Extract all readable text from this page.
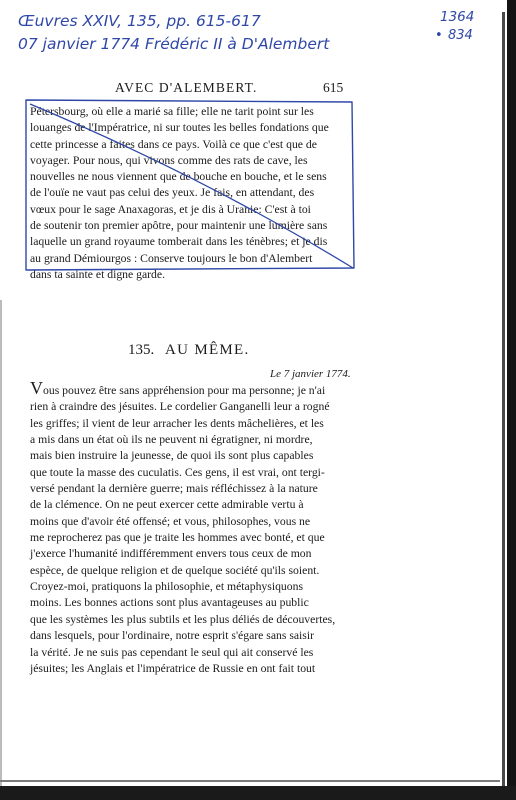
Œuvres XXIV, 135, pp. 615-617
07 janvier 1774 Frédéric II à D'Alembert
1364
• 834
AVEC D'ALEMBERT.	615

Pétersbourg, où elle a marié sa fille; elle ne tarit point sur les
louanges de l'Impératrice, ni sur toutes les belles fondations que
cette princesse a faites dans ce pays. Voilà ce que c'est que de
voyager. Pour nous, qui vivons comme des rats de cave, les
nouvelles ne nous viennent que de bouche en bouche, et le sens
de l'ouïe ne vaut pas celui des yeux. Je fais, en attendant, des
vœux pour le sage Anaxagoras, et je dis à Uranie: C'est à toi
de soutenir ton premier apôtre, pour maintenir une lumière sans
laquelle un grand royaume tomberait dans les ténèbres; et je dis
au grand Démiourgos : Conserve toujours le bon d'Alembert
dans ta sainte et digne garde.

135. AU MÊME.
Le 7 janvier 1774.

Vous pouvez être sans appréhension pour ma personne; je n'ai
rien à craindre des jésuites. Le cordelier Ganganelli leur a rogné
les griffes; il vient de leur arracher les dents mâchelières, et les
a mis dans un état où ils ne peuvent ni égratigner, ni mordre,
mais bien instruire la jeunesse, de quoi ils sont plus capables
que toute la masse des cuculatis. Ces gens, il est vrai, ont tergi-
versé pendant la dernière guerre; mais réfléchissez à la nature
de la clémence. On ne peut exercer cette admirable vertu à
moins que d'avoir été offensé; et vous, philosophes, vous ne
me reprocherez pas que je traite les hommes avec bonté, et que
j'exerce l'humanité indifféremment envers tous ceux de mon
espèce, de quelque religion et de quelque société qu'ils soient.
Croyez-moi, pratiquons la philosophie, et métaphysiquons
moins. Les bonnes actions sont plus avantageuses au public
que les systèmes les plus subtils et les plus déliés de découvertes,
dans lesquels, pour l'ordinaire, notre esprit s'égare sans saisir
la vérité. Je ne suis pas cependant le seul qui ait conservé les
jésuites; les Anglais et l'impératrice de Russie en ont fait tout
